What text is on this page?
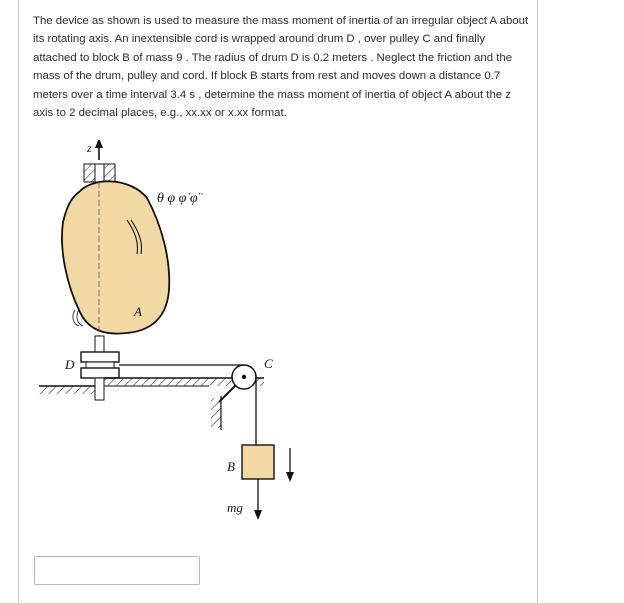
The device as shown is used to measure the mass moment of inertia of an irregular object A about its rotating axis. An inextensible cord is wrapped around drum D , over pulley C and finally attached to block B of mass 9 . The radius of drum D is 0.2 meters . Neglect the friction and the mass of the drum, pulley and cord. If block B starts from rest and moves down a distance 0.7 meters over a time interval 3.4 s , determine the mass moment of inertia of object A about the z axis to 2 decimal places, e.g., xx.xx or x.xx format.
z
A
θ φ φ̇ φ̈
D	C
B
mg
